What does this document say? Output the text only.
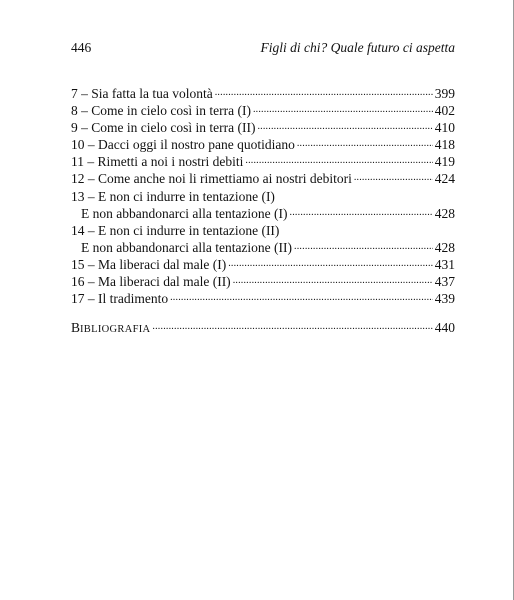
446	Figli di chi? Quale futuro ci aspetta
7 – Sia fatta la tua volontà .....	399
8 – Come in cielo così in terra (I) .....	402
9 – Come in cielo così in terra (II) .....	410
10 – Dacci oggi il nostro pane quotidiano .....	418
11 – Rimetti a noi i nostri debiti .....	419
12 – Come anche noi li rimettiamo ai nostri debitori .....	424
13 – E non ci indurre in tentazione (I)
E non abbandonarci alla tentazione (I) .....	428
14 – E non ci indurre in tentazione (II)
E non abbandonarci alla tentazione (II) .....	428
15 – Ma liberaci dal male (I) .....	431
16 – Ma liberaci dal male (II) .....	437
17 – Il tradimento .....	439
BIBLIOGRAFIA .....	440
